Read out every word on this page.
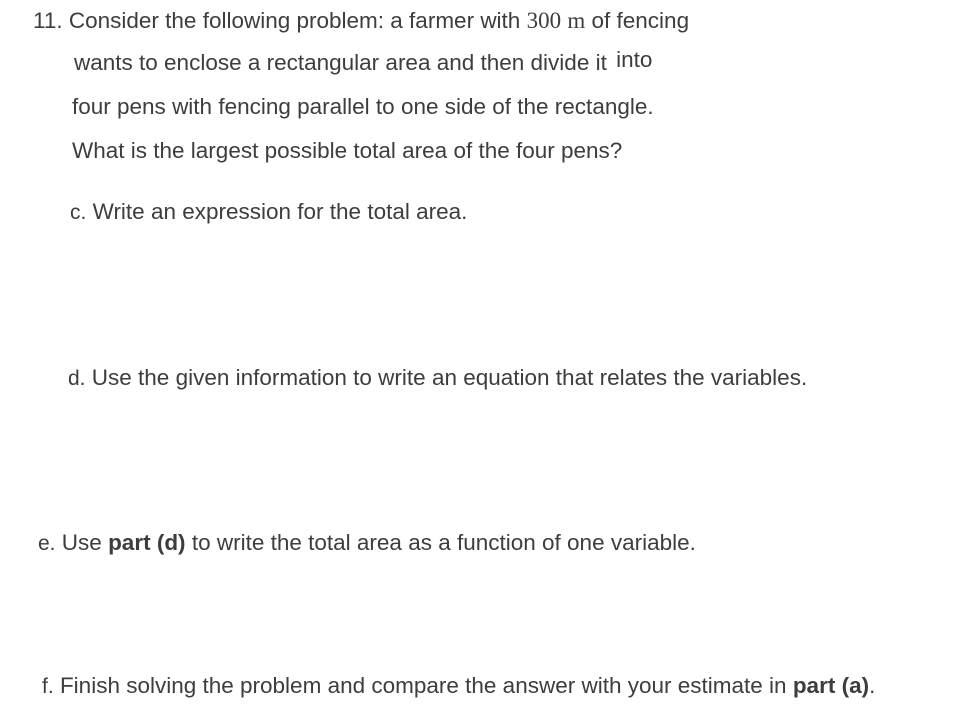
11. Consider the following problem: a farmer with 300 m of fencing
wants to enclose a rectangular area and then divide it into
four pens with fencing parallel to one side of the rectangle.
What is the largest possible total area of the four pens?
c. Write an expression for the total area.
d. Use the given information to write an equation that relates the variables.
e. Use part (d) to write the total area as a function of one variable.
f. Finish solving the problem and compare the answer with your estimate in part (a).
